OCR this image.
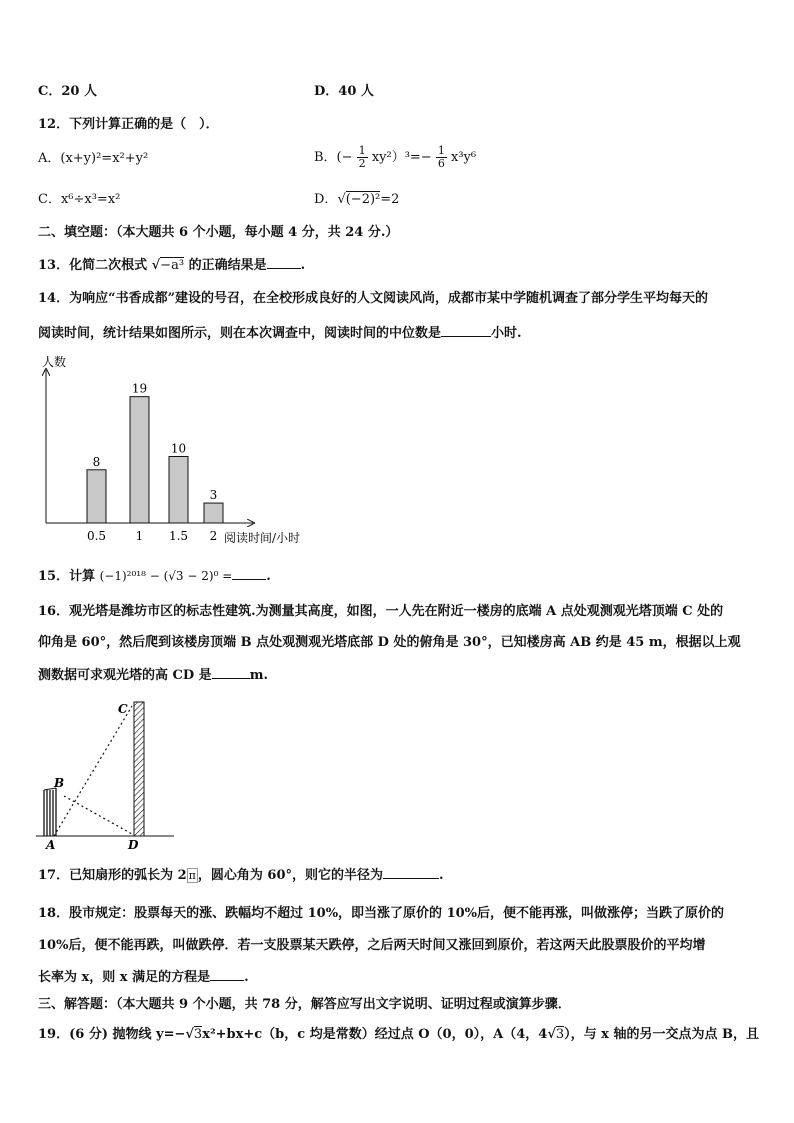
C．20 人	D．40 人
12．下列计算正确的是（　）．
A．(x+y)²=x²+y²	B．(− $\frac{1}{2} xy^2)^3=- \frac{1}{6} x^3y^6$
C．x⁶÷x³=x²	D．√(−2)²=2
二、填空题：（本大题共 6 个小题，每小题 4 分，共 24 分.）
13．化简二次根式 √−a³ 的正确结果是	.
14．为响应“书香成都”建设的号召，在全校形成良好的人文阅读风尚，成都市某中学随机调查了部分学生平均每天的
阅读时间，统计结果如图所示，则在本次调查中，阅读时间的中位数是	小时.
人数
阅读时间/小时
8
0.5
19
1
10
1.5
3
2
15．计算 (−1)²⁰¹⁸ − (√3 − 2)⁰ =	.
16．观光塔是潍坊市区的标志性建筑.为测量其高度，如图，一人先在附近一楼房的底端 A 点处观测观光塔顶端 C 处的
仰角是 60°，然后爬到该楼房顶端 B 点处观测观光塔底部 D 处的俯角是 30°，已知楼房高 AB 约是 45 m，根据以上观
测数据可求观光塔的高 CD 是	m.
C
B
A	D
17．已知扇形的弧长为 2 π ，圆心角为 60°，则它的半径为	.
18．股市规定：股票每天的涨、跌幅均不超过 10%，即当涨了原价的 10%后，便不能再涨，叫做涨停；当跌了原价的
10%后，便不能再跌，叫做跌停．若一支股票某天跌停，之后两天时间又涨回到原价，若这两天此股票股价的平均增
长率为 x，则 x 满足的方程是	.
三、解答题：（本大题共 9 个小题，共 78 分，解答应写出文字说明、证明过程或演算步骤．
19．(6 分) 抛物线 y=−√3x²+bx+c（b，c 均是常数）经过点 O（0，0），A（4，4√3），与 x 轴的另一交点为点 B，且
